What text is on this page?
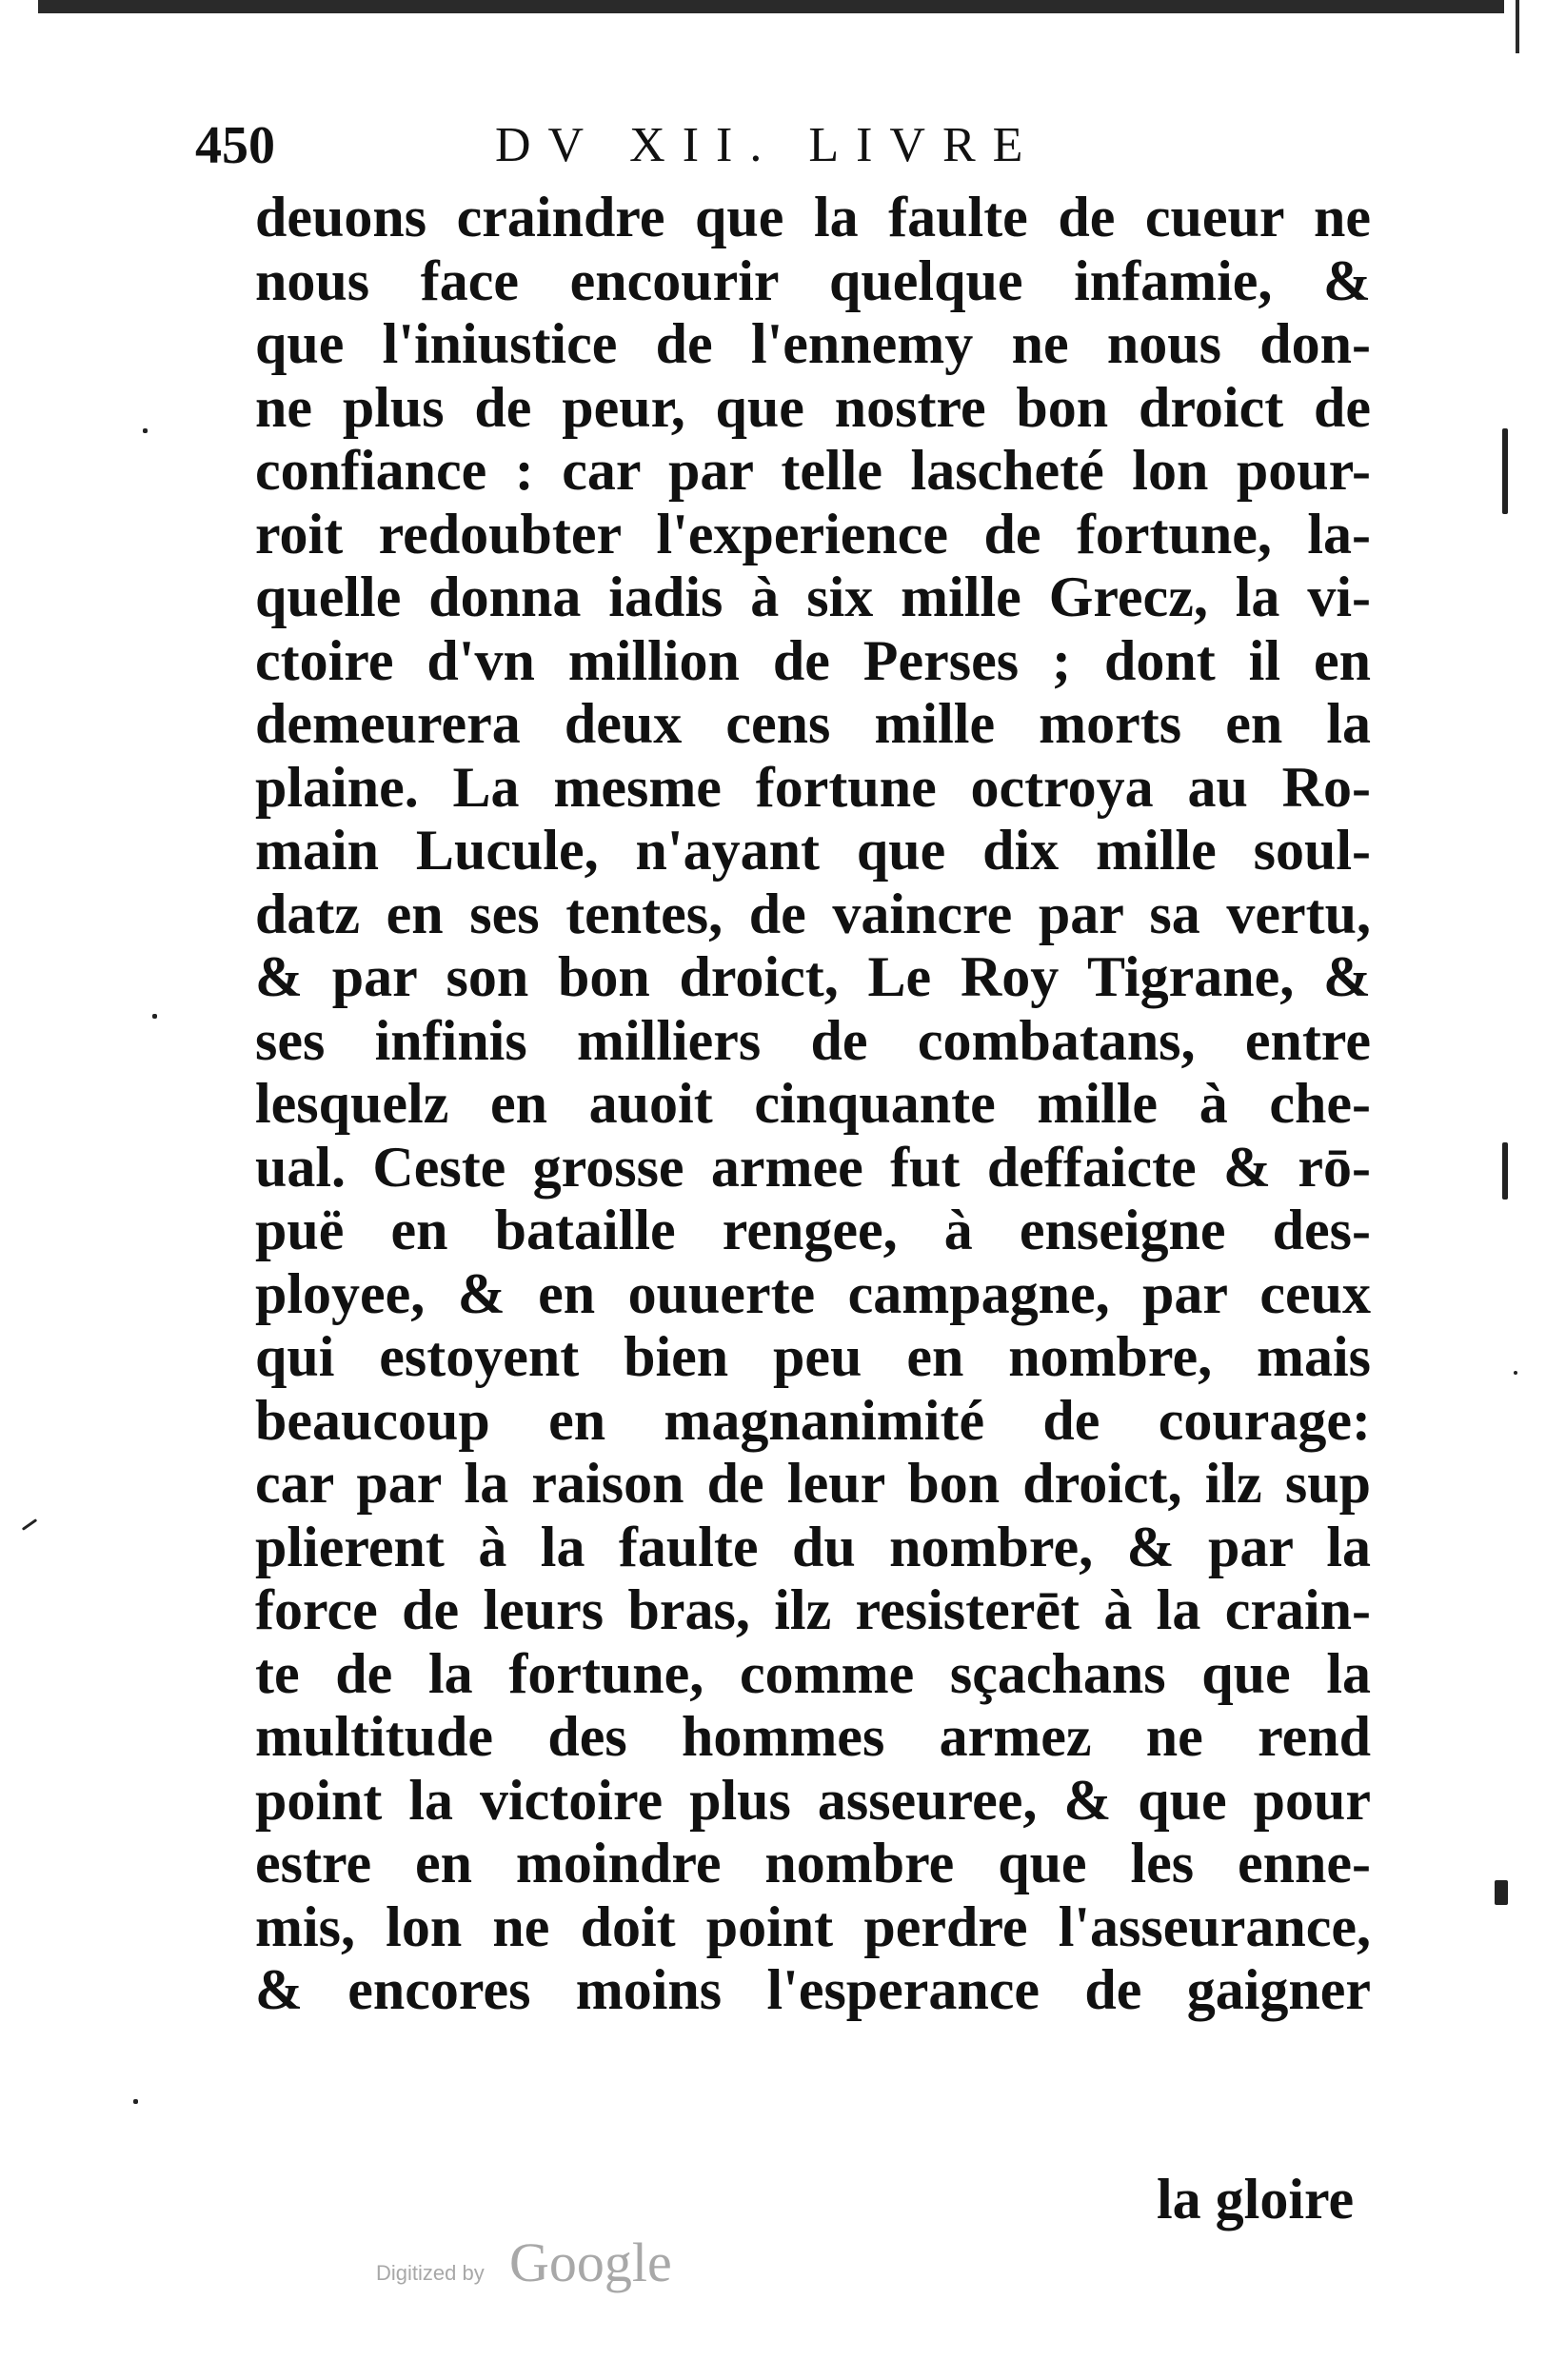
450	DV XII. LIVRE
deuons craindre que la faulte de cueur ne
nous face encourir quelque infamie, &
que l'iniustice de l'ennemy ne nous don-
ne plus de peur, que nostre bon droict de
confiance : car par telle lascheté lon pour-
roit redoubter l'experience de fortune, la-
quelle donna iadis à six mille Grecz, la vi-
ctoire d'vn million de Perses ; dont il en
demeurera deux cens mille morts en la
plaine. La mesme fortune octroya au Ro-
main Lucule, n'ayant que dix mille soul-
datz en ses tentes, de vaincre par sa vertu,
& par son bon droict, Le Roy Tigrane, &
ses infinis milliers de combatans, entre
lesquelz en auoit cinquante mille à che-
ual. Ceste grosse armee fut deffaicte & rō-
puë en bataille rengee, à enseigne des-
ployee, & en ouuerte campagne, par ceux
qui estoyent bien peu en nombre, mais
beaucoup en magnanimité de courage:
car par la raison de leur bon droict, ilz sup
plierent à la faulte du nombre, & par la
force de leurs bras, ilz resisterēt à la crain-
te de la fortune, comme sçachans que la
multitude des hommes armez ne rend
point la victoire plus asseuree, & que pour
estre en moindre nombre que les enne-
mis, lon ne doit point perdre l'asseurance,
& encores moins l'esperance de gaigner
la gloire
Digitized by Google
